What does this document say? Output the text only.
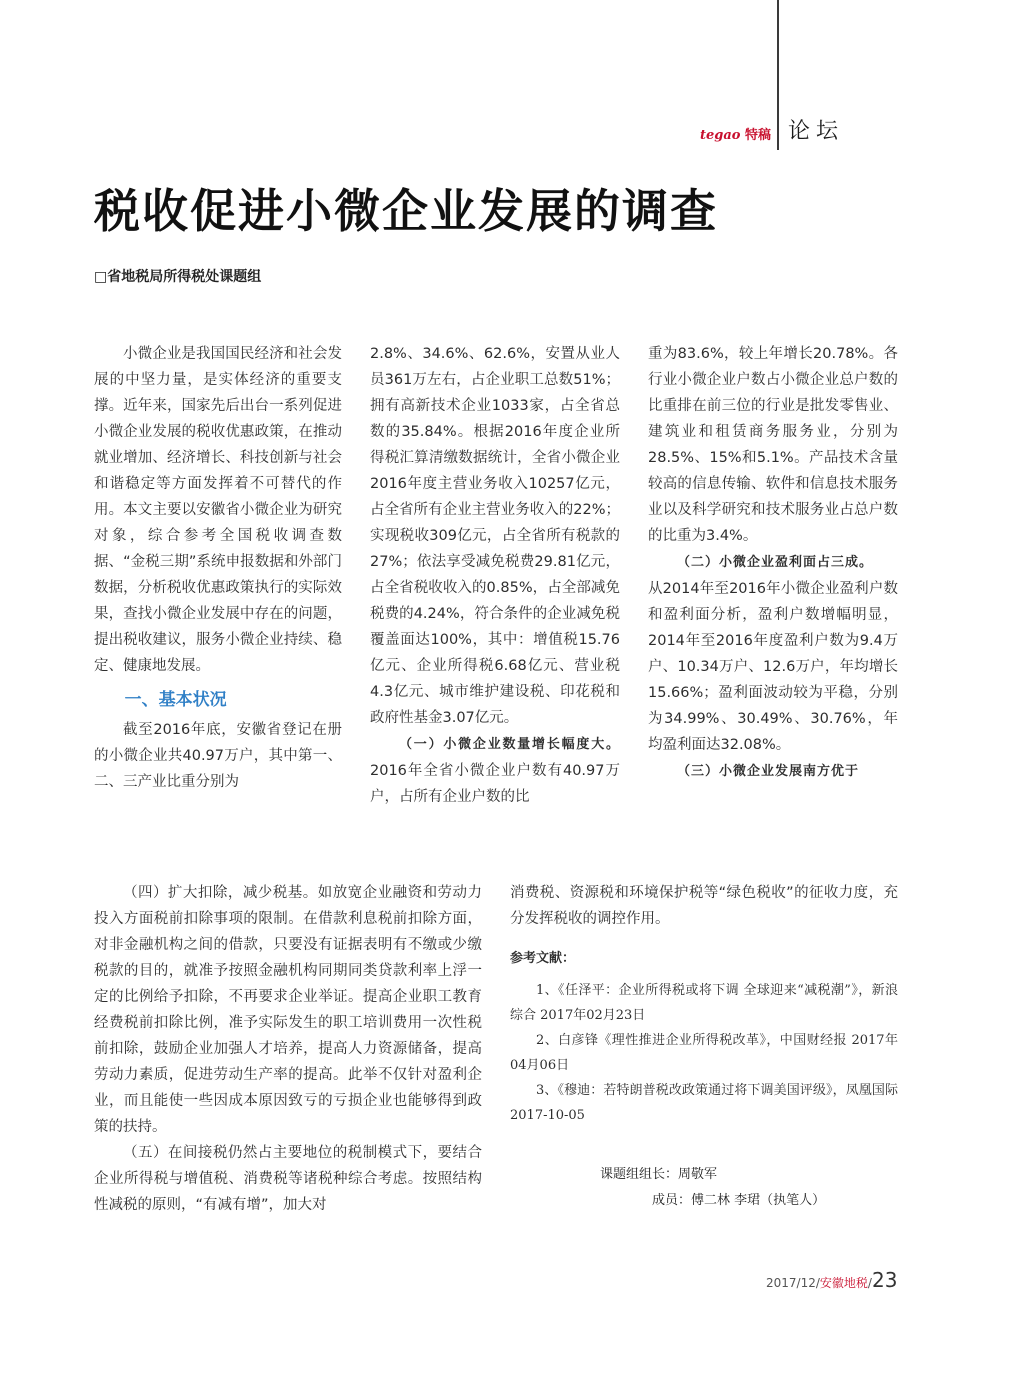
tegao 特稿 论坛
税收促进小微企业发展的调查
□省地税局所得税处课题组

小微企业是我国国民经济和社会发展的中坚力量，是实体经济的重要支撑。近年来，国家先后出台一系列促进小微企业发展的税收优惠政策，在推动就业增加、经济增长、科技创新与社会和谐稳定等方面发挥着不可替代的作用。本文主要以安徽省小微企业为研究对象，综合参考全国税收调查数据、“金税三期”系统申报数据和外部门数据，分析税收优惠政策执行的实际效果，查找小微企业发展中存在的问题，提出税收建议，服务小微企业持续、稳定、健康地发展。

一、基本状况

截至2016年底，安徽省登记在册的小微企业共40.97万户，其中第一、二、三产业比重分别为

2.8%、34.6%、62.6%，安置从业人员361万左右，占企业职工总数51%；拥有高新技术企业1033家，占全省总数的35.84%。根据2016年度企业所得税汇算清缴数据统计，全省小微企业2016年度主营业务收入10257亿元，占全省所有企业主营业务收入的22%；实现税收309亿元，占全省所有税款的27%；依法享受减免税费29.81亿元，占全省税收收入的0.85%，占全部减免税费的4.24%，符合条件的企业减免税覆盖面达100%，其中：增值税15.76亿元、企业所得税6.68亿元、营业税4.3亿元、城市维护建设税、印花税和政府性基金3.07亿元。

（一）小微企业数量增长幅度大。2016年全省小微企业户数有40.97万户，占所有企业户数的比

重为83.6%，较上年增长20.78%。各行业小微企业户数占小微企业总户数的比重排在前三位的行业是批发零售业、建筑业和租赁商务服务业，分别为28.5%、15%和5.1%。产品技术含量较高的信息传输、软件和信息技术服务业以及科学研究和技术服务业占总户数的比重为3.4%。

（二）小微企业盈利面占三成。

从2014年至2016年小微企业盈利户数和盈利面分析，盈利户数增幅明显，2014年至2016年度盈利户数为9.4万户、10.34万户、12.6万户，年均增长15.66%；盈利面波动较为平稳，分别为34.99%、30.49%、30.76%，年均盈利面达32.08%。

（三）小微企业发展南方优于

（四）扩大扣除，减少税基。如放宽企业融资和劳动力投入方面税前扣除事项的限制。在借款利息税前扣除方面，对非金融机构之间的借款，只要没有证据表明有不缴或少缴税款的目的，就准予按照金融机构同期同类贷款利率上浮一定的比例给予扣除，不再要求企业举证。提高企业职工教育经费税前扣除比例，准予实际发生的职工培训费用一次性税前扣除，鼓励企业加强人才培养，提高人力资源储备，提高劳动力素质，促进劳动生产率的提高。此举不仅针对盈利企业，而且能使一些因成本原因致亏的亏损企业也能够得到政策的扶持。

（五）在间接税仍然占主要地位的税制模式下，要结合企业所得税与增值税、消费税等诸税种综合考虑。按照结构性减税的原则，“有减有增”，加大对

消费税、资源税和环境保护税等“绿色税收”的征收力度，充分发挥税收的调控作用。

参考文献：

1、《任泽平：企业所得税或将下调 全球迎来“减税潮”》，新浪综合 2017年02月23日

2、白彦锋《理性推进企业所得税改革》，中国财经报 2017年04月06日

3、《穆迪：若特朗普税改政策通过将下调美国评级》，凤凰国际 2017-10-05

课题组组长：周敬军
成员：傅二林 李珺（执笔人）
2017/12/安徽地税/23
